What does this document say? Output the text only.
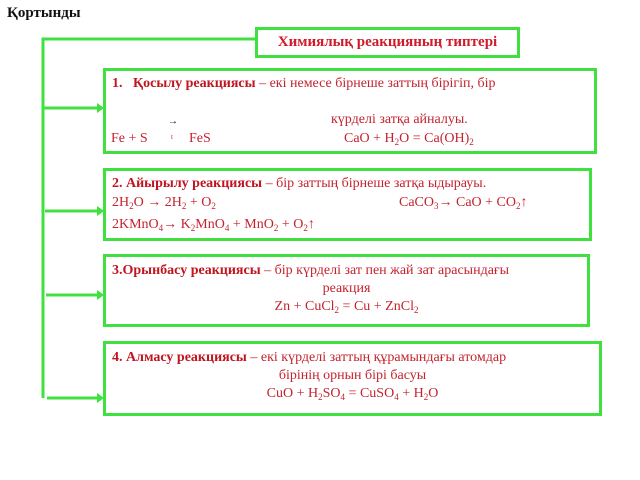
Қортынды
Химиялық реакцияның типтері
1. Қосылу реакциясы – екі немесе бірнеше заттың бірігіп, бір
күрделі затқа айналуы.
Fe + S
→
t FeS	CaO + $H_2O = Ca(OH)_2$
2. Айырылу реакциясы – бір заттың бірнеше затқа ыдырауы.
$2H_2O \to 2H_2 + O_2$	CaCO$_3$→ CaO + $CO_2↑$
2KMnO$_4$→ $K_2MnO_4 + MnO_2$ + $O_2↑$
3.Орынбасу реакциясы – бір күрделі зат пен жай зат арасындағы
реакция
Zn + CuCl$_2$ = Cu + ZnCl$_2$
4. Алмасу реакциясы – екі күрделі заттың құрамындағы атомдар
бірінің орнын бірі басуы
CuO + $H_2SO_4$ = CuSO$_4$ + $H_2O$
